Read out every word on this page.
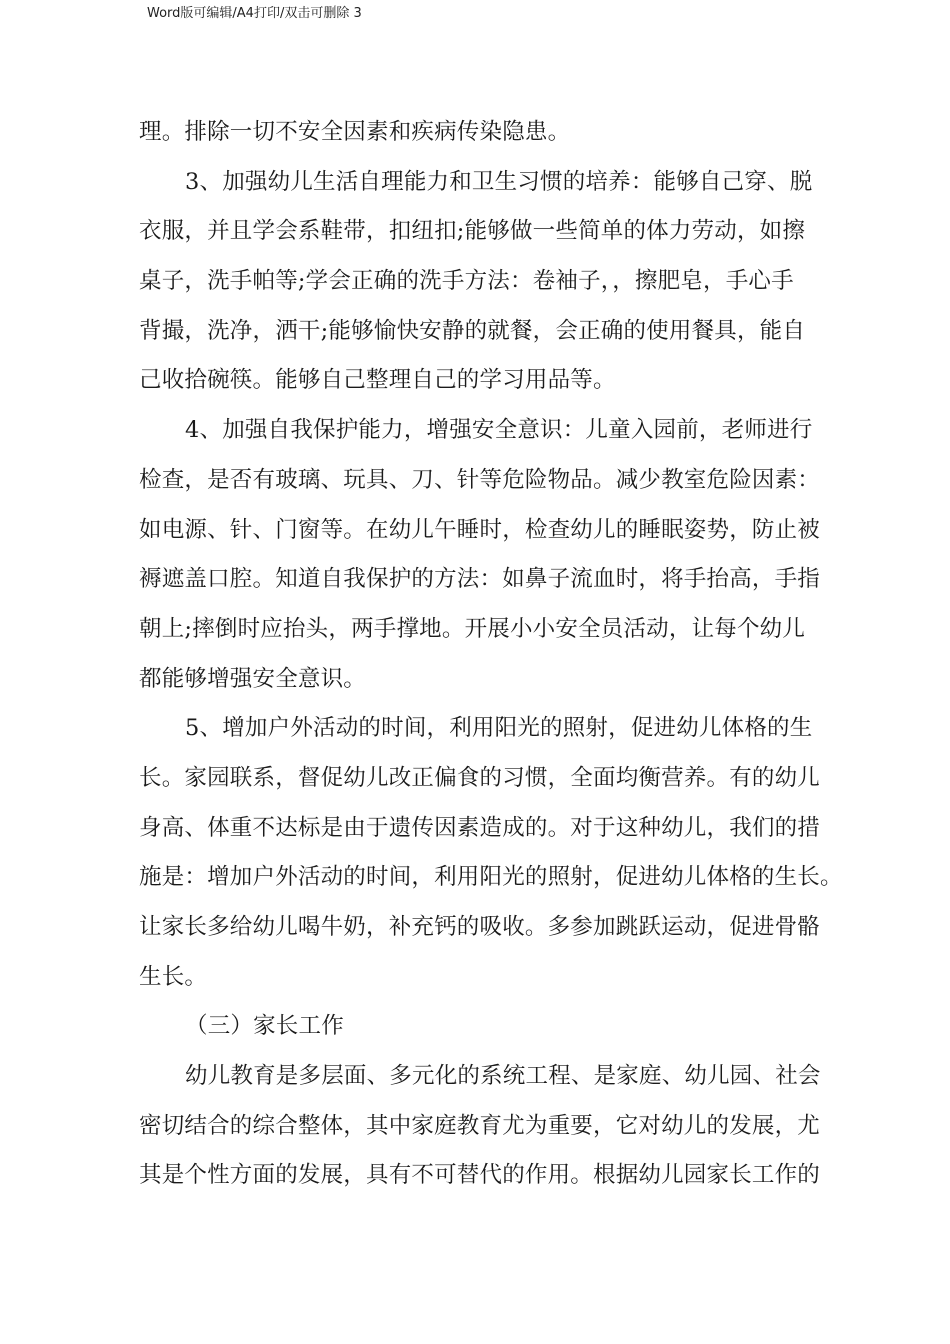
Word版可编辑/A4打印/双击可删除 3
理。排除一切不安全因素和疾病传染隐患。
3、加强幼儿生活自理能力和卫生习惯的培养：能够自己穿、脱
衣服，并且学会系鞋带，扣纽扣;能够做一些简单的体力劳动，如擦
桌子，洗手帕等;学会正确的洗手方法：卷袖子，，擦肥皂，手心手
背撮，洗净，洒干;能够愉快安静的就餐，会正确的使用餐具，能自
己收拾碗筷。能够自己整理自己的学习用品等。
4、加强自我保护能力，增强安全意识：儿童入园前，老师进行
检查，是否有玻璃、玩具、刀、针等危险物品。减少教室危险因素：
如电源、针、门窗等。在幼儿午睡时，检查幼儿的睡眠姿势，防止被
褥遮盖口腔。知道自我保护的方法：如鼻子流血时，将手抬高，手指
朝上;摔倒时应抬头，两手撑地。开展小小安全员活动，让每个幼儿
都能够增强安全意识。
5、增加户外活动的时间，利用阳光的照射，促进幼儿体格的生
长。家园联系，督促幼儿改正偏食的习惯，全面均衡营养。有的幼儿
身高、体重不达标是由于遗传因素造成的。对于这种幼儿，我们的措
施是：增加户外活动的时间，利用阳光的照射，促进幼儿体格的生长。
让家长多给幼儿喝牛奶，补充钙的吸收。多参加跳跃运动，促进骨骼
生长。
（三）家长工作
幼儿教育是多层面、多元化的系统工程、是家庭、幼儿园、社会
密切结合的综合整体，其中家庭教育尤为重要，它对幼儿的发展，尤
其是个性方面的发展，具有不可替代的作用。根据幼儿园家长工作的
